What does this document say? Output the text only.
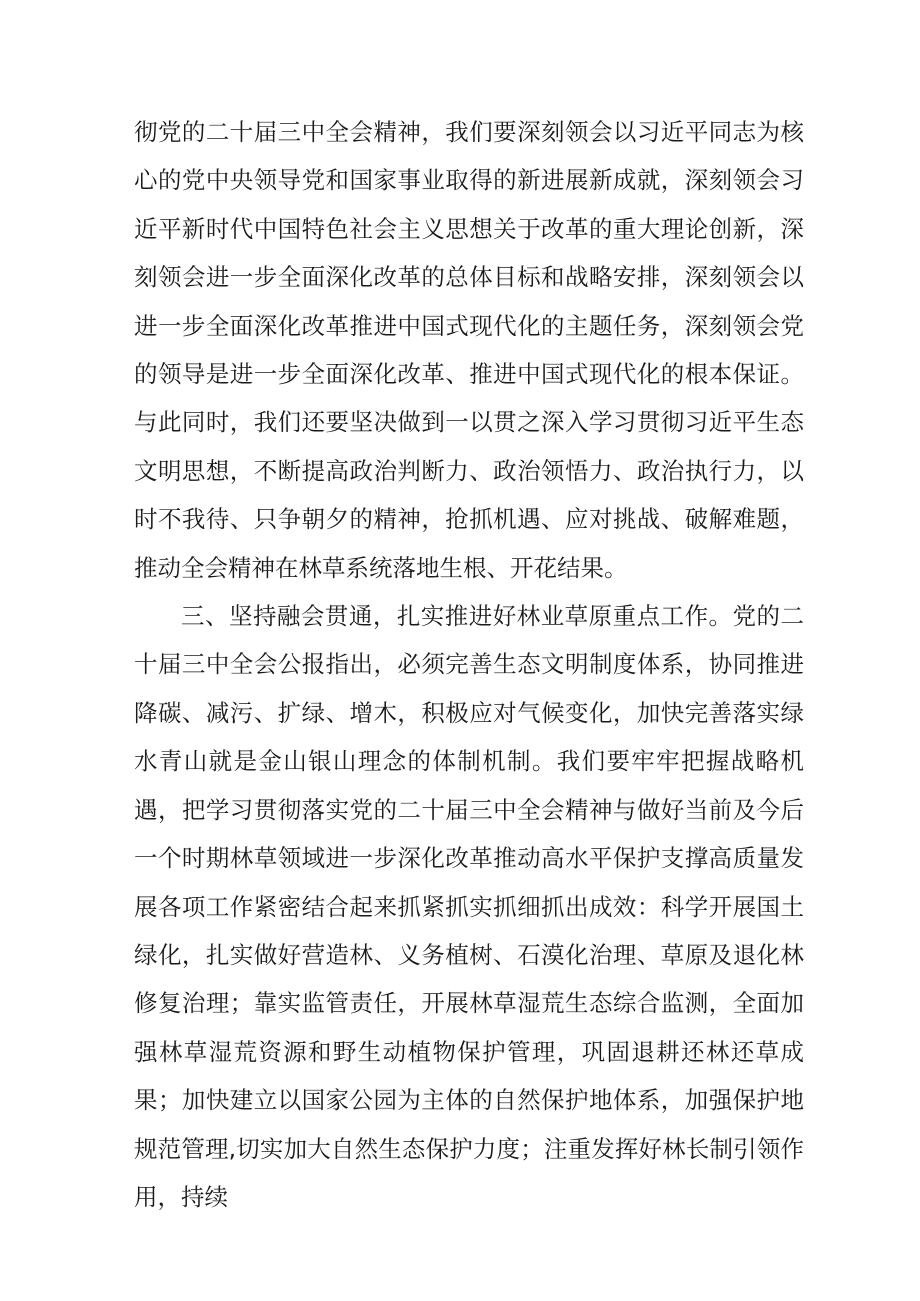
彻党的二十届三中全会精神，我们要深刻领会以习近平同志为核心的党中央领导党和国家事业取得的新进展新成就，深刻领会习近平新时代中国特色社会主义思想关于改革的重大理论创新，深刻领会进一步全面深化改革的总体目标和战略安排，深刻领会以进一步全面深化改革推进中国式现代化的主题任务，深刻领会党的领导是进一步全面深化改革、推进中国式现代化的根本保证。与此同时，我们还要坚决做到一以贯之深入学习贯彻习近平生态文明思想，不断提高政治判断力、政治领悟力、政治执行力，以时不我待、只争朝夕的精神，抢抓机遇、应对挑战、破解难题，推动全会精神在林草系统落地生根、开花结果。

三、坚持融会贯通，扎实推进好林业草原重点工作。党的二十届三中全会公报指出，必须完善生态文明制度体系，协同推进降碳、减污、扩绿、增木，积极应对气候变化，加快完善落实绿水青山就是金山银山理念的体制机制。我们要牢牢把握战略机遇，把学习贯彻落实党的二十届三中全会精神与做好当前及今后一个时期林草领域进一步深化改革推动高水平保护支撑高质量发展各项工作紧密结合起来抓紧抓实抓细抓出成效：科学开展国土绿化，扎实做好营造林、义务植树、石漠化治理、草原及退化林修复治理；靠实监管责任，开展林草湿荒生态综合监测，全面加强林草湿荒资源和野生动植物保护管理，巩固退耕还林还草成果；加快建立以国家公园为主体的自然保护地体系，加强保护地规范管理,切实加大自然生态保护力度；注重发挥好林长制引领作用，持续
